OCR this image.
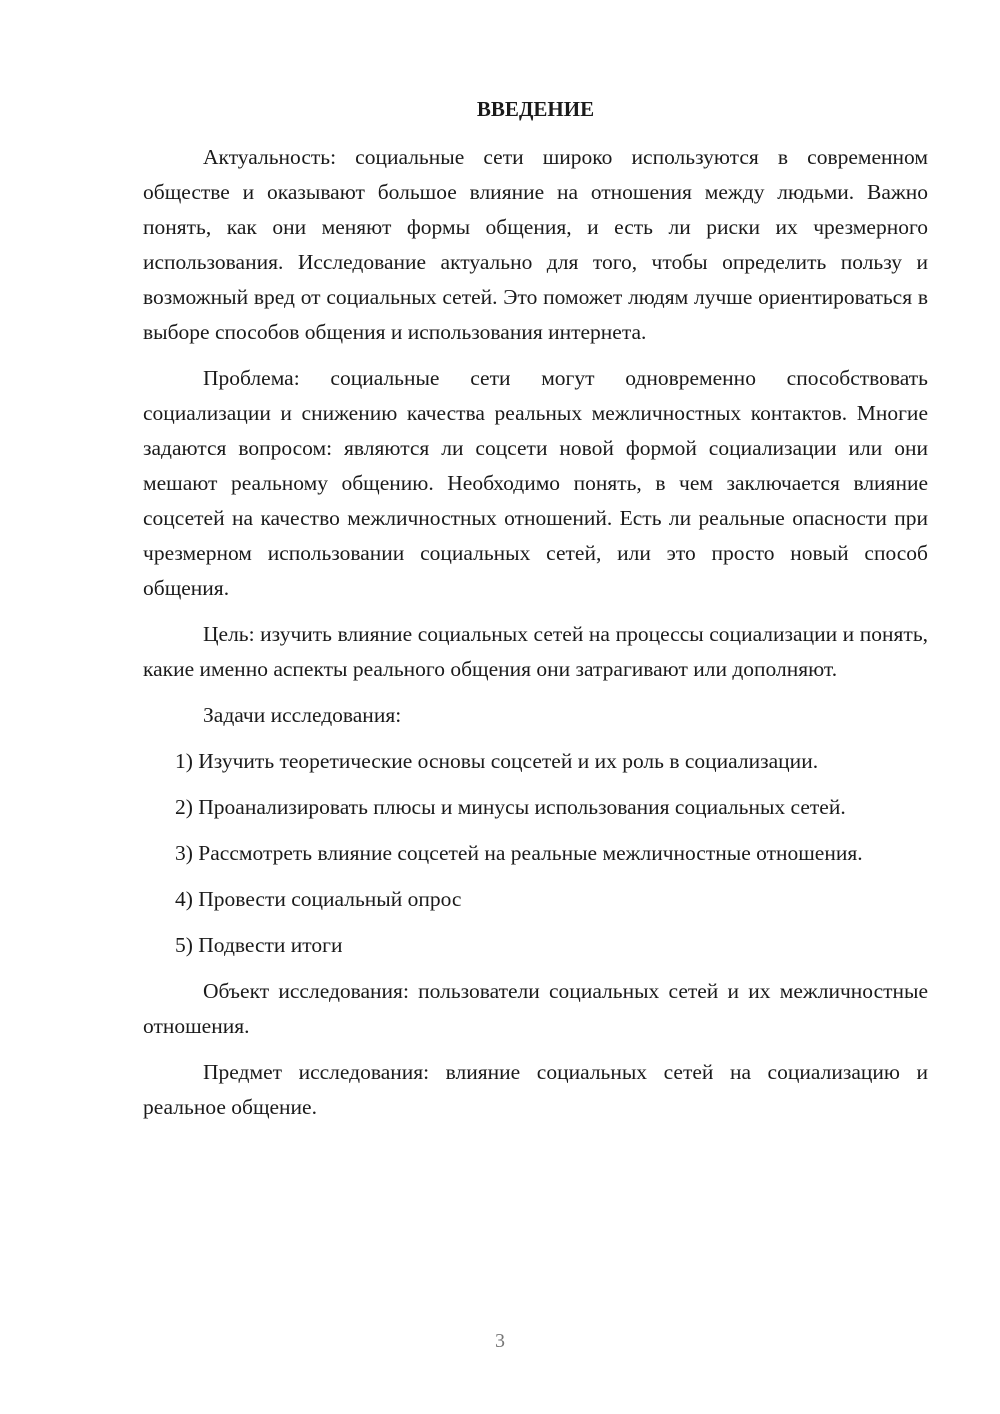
ВВЕДЕНИЕ

Актуальность: социальные сети широко используются в современном обществе и оказывают большое влияние на отношения между людьми. Важно понять, как они меняют формы общения, и есть ли риски их чрезмерного использования. Исследование актуально для того, чтобы определить пользу и возможный вред от социальных сетей. Это поможет людям лучше ориентироваться в выборе способов общения и использования интернета.

Проблема: социальные сети могут одновременно способствовать социализации и снижению качества реальных межличностных контактов. Многие задаются вопросом: являются ли соцсети новой формой социализации или они мешают реальному общению. Необходимо понять, в чем заключается влияние соцсетей на качество межличностных отношений. Есть ли реальные опасности при чрезмерном использовании социальных сетей, или это просто новый способ общения.

Цель: изучить влияние социальных сетей на процессы социализации и понять, какие именно аспекты реального общения они затрагивают или дополняют.

Задачи исследования:

1) Изучить теоретические основы соцсетей и их роль в социализации.

2) Проанализировать плюсы и минусы использования социальных сетей.

3) Рассмотреть влияние соцсетей на реальные межличностные отношения.

4) Провести социальный опрос

5) Подвести итоги

Объект исследования: пользователи социальных сетей и их межличностные отношения.

Предмет исследования: влияние социальных сетей на социализацию и реальное общение.

3
